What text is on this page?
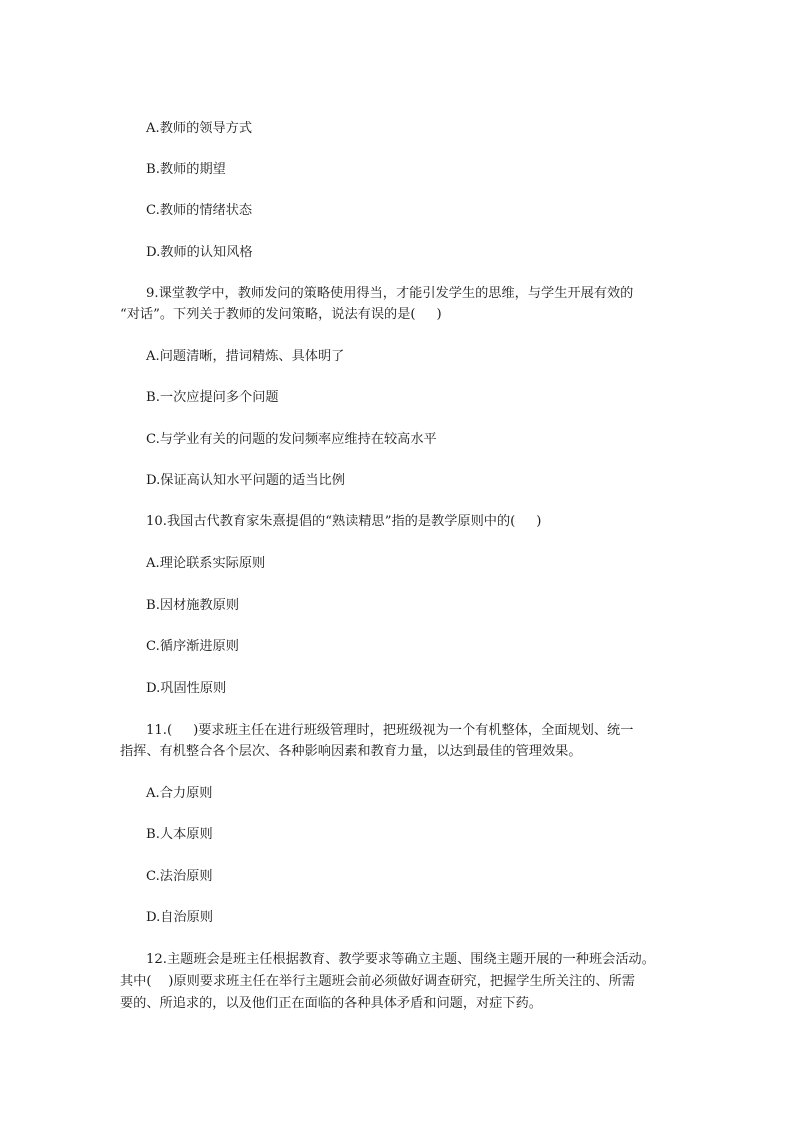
A.教师的领导方式
B.教师的期望
C.教师的情绪状态
D.教师的认知风格
9.课堂教学中，教师发问的策略使用得当，才能引发学生的思维，与学生开展有效的
“对话”。下列关于教师的发问策略，说法有误的是(     )
A.问题清晰，措词精炼、具体明了
B.一次应提问多个问题
C.与学业有关的问题的发问频率应维持在较高水平
D.保证高认知水平问题的适当比例
10.我国古代教育家朱熹提倡的“熟读精思”指的是教学原则中的(     )
A.理论联系实际原则
B.因材施教原则
C.循序渐进原则
D.巩固性原则
11.(     )要求班主任在进行班级管理时，把班级视为一个有机整体，全面规划、统一
指挥、有机整合各个层次、各种影响因素和教育力量，以达到最佳的管理效果。
A.合力原则
B.人本原则
C.法治原则
D.自治原则
12.主题班会是班主任根据教育、教学要求等确立主题、围绕主题开展的一种班会活动。
其中(    )原则要求班主任在举行主题班会前必须做好调查研究，把握学生所关注的、所需
要的、所追求的，以及他们正在面临的各种具体矛盾和问题，对症下药。
